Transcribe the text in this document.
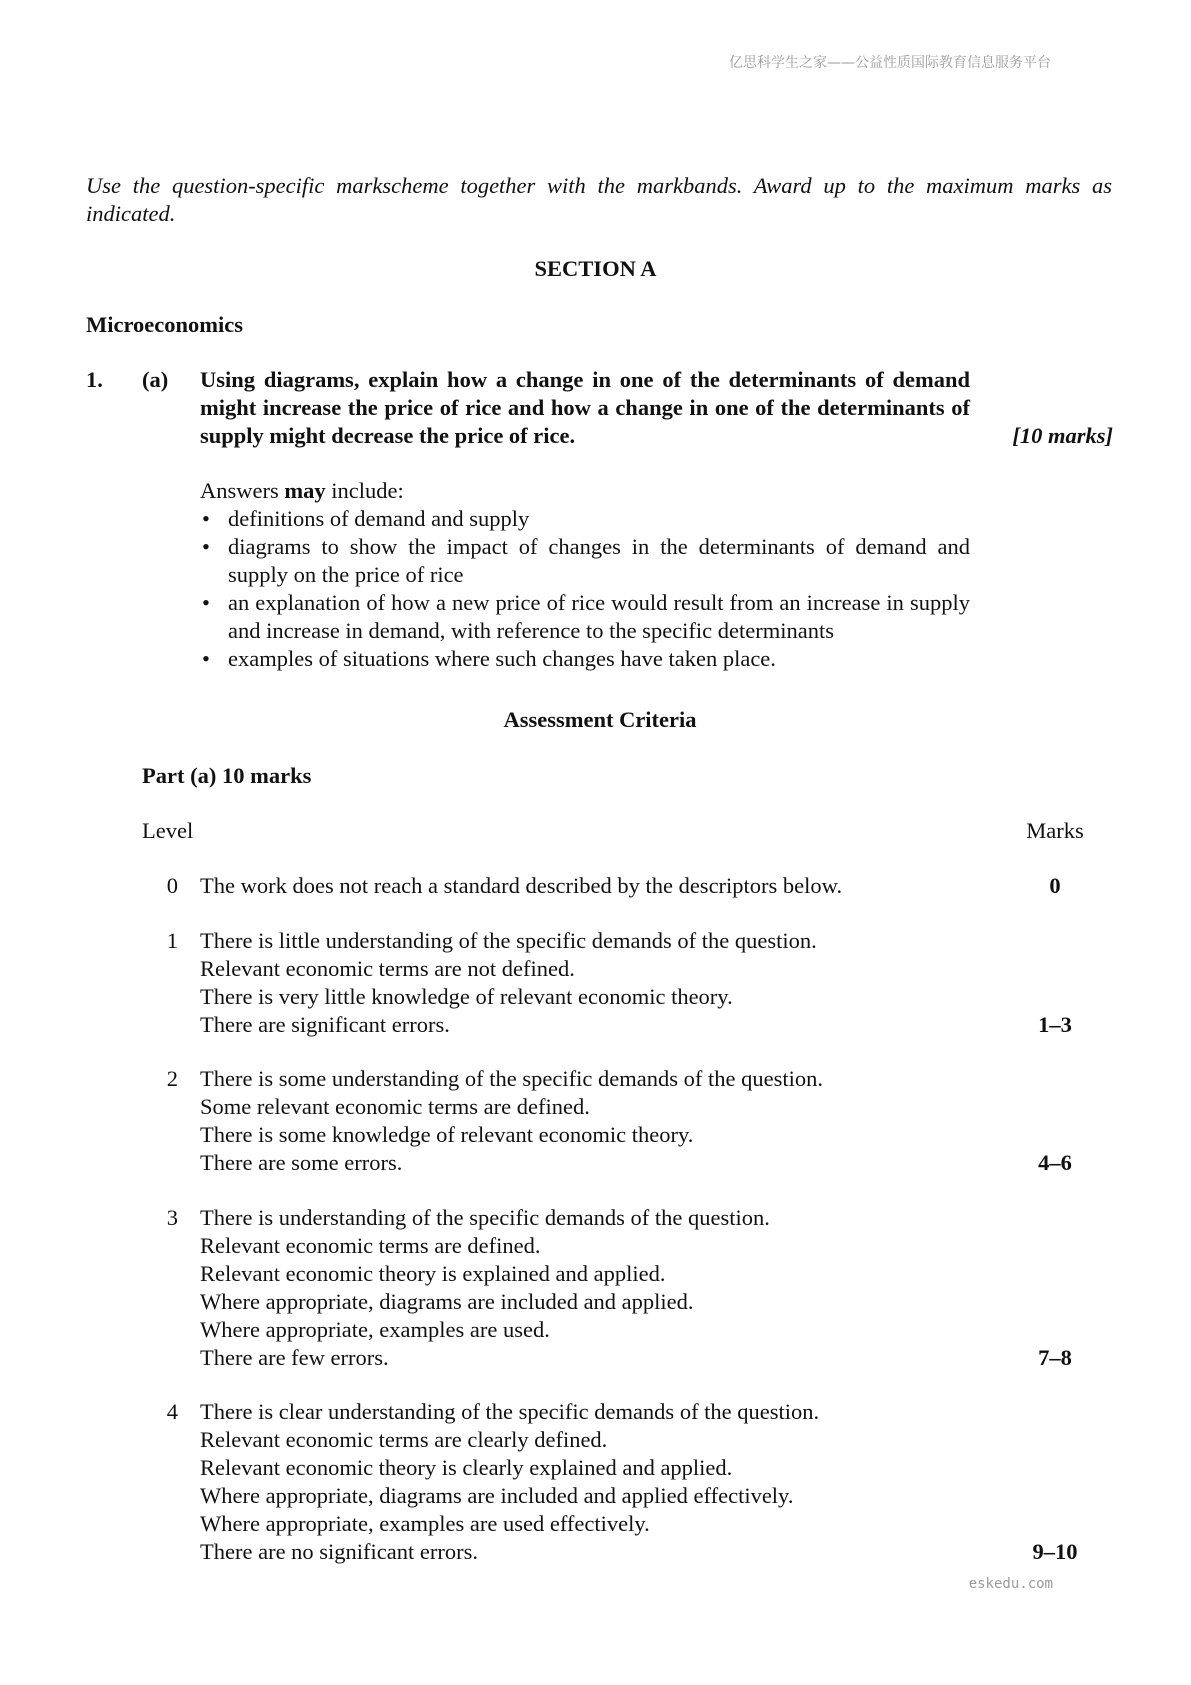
亿思科学生之家——公益性质国际教育信息服务平台

Use the question-specific markscheme together with the markbands. Award up to the maximum marks as indicated.

SECTION A
Microeconomics
1. (a) Using diagrams, explain how a change in one of the determinants of demand might increase the price of rice and how a change in one of the determinants of supply might decrease the price of rice.	[10 marks]
Answers may include:
• definitions of demand and supply
• diagrams to show the impact of changes in the determinants of demand and supply on the price of rice
• an explanation of how a new price of rice would result from an increase in supply and increase in demand, with reference to the specific determinants
• examples of situations where such changes have taken place.
Assessment Criteria
Part (a) 10 marks
Level	Marks
0 The work does not reach a standard described by the descriptors below.	0
1 There is little understanding of the specific demands of the question.
Relevant economic terms are not defined.
There is very little knowledge of relevant economic theory.
There are significant errors.	1–3
2 There is some understanding of the specific demands of the question.
Some relevant economic terms are defined.
There is some knowledge of relevant economic theory.
There are some errors.	4–6
3 There is understanding of the specific demands of the question.
Relevant economic terms are defined.
Relevant economic theory is explained and applied.
Where appropriate, diagrams are included and applied.
Where appropriate, examples are used.
There are few errors.	7–8
4 There is clear understanding of the specific demands of the question.
Relevant economic terms are clearly defined.
Relevant economic theory is clearly explained and applied.
Where appropriate, diagrams are included and applied effectively.
Where appropriate, examples are used effectively.
There are no significant errors.	9–10
eskedu.com
